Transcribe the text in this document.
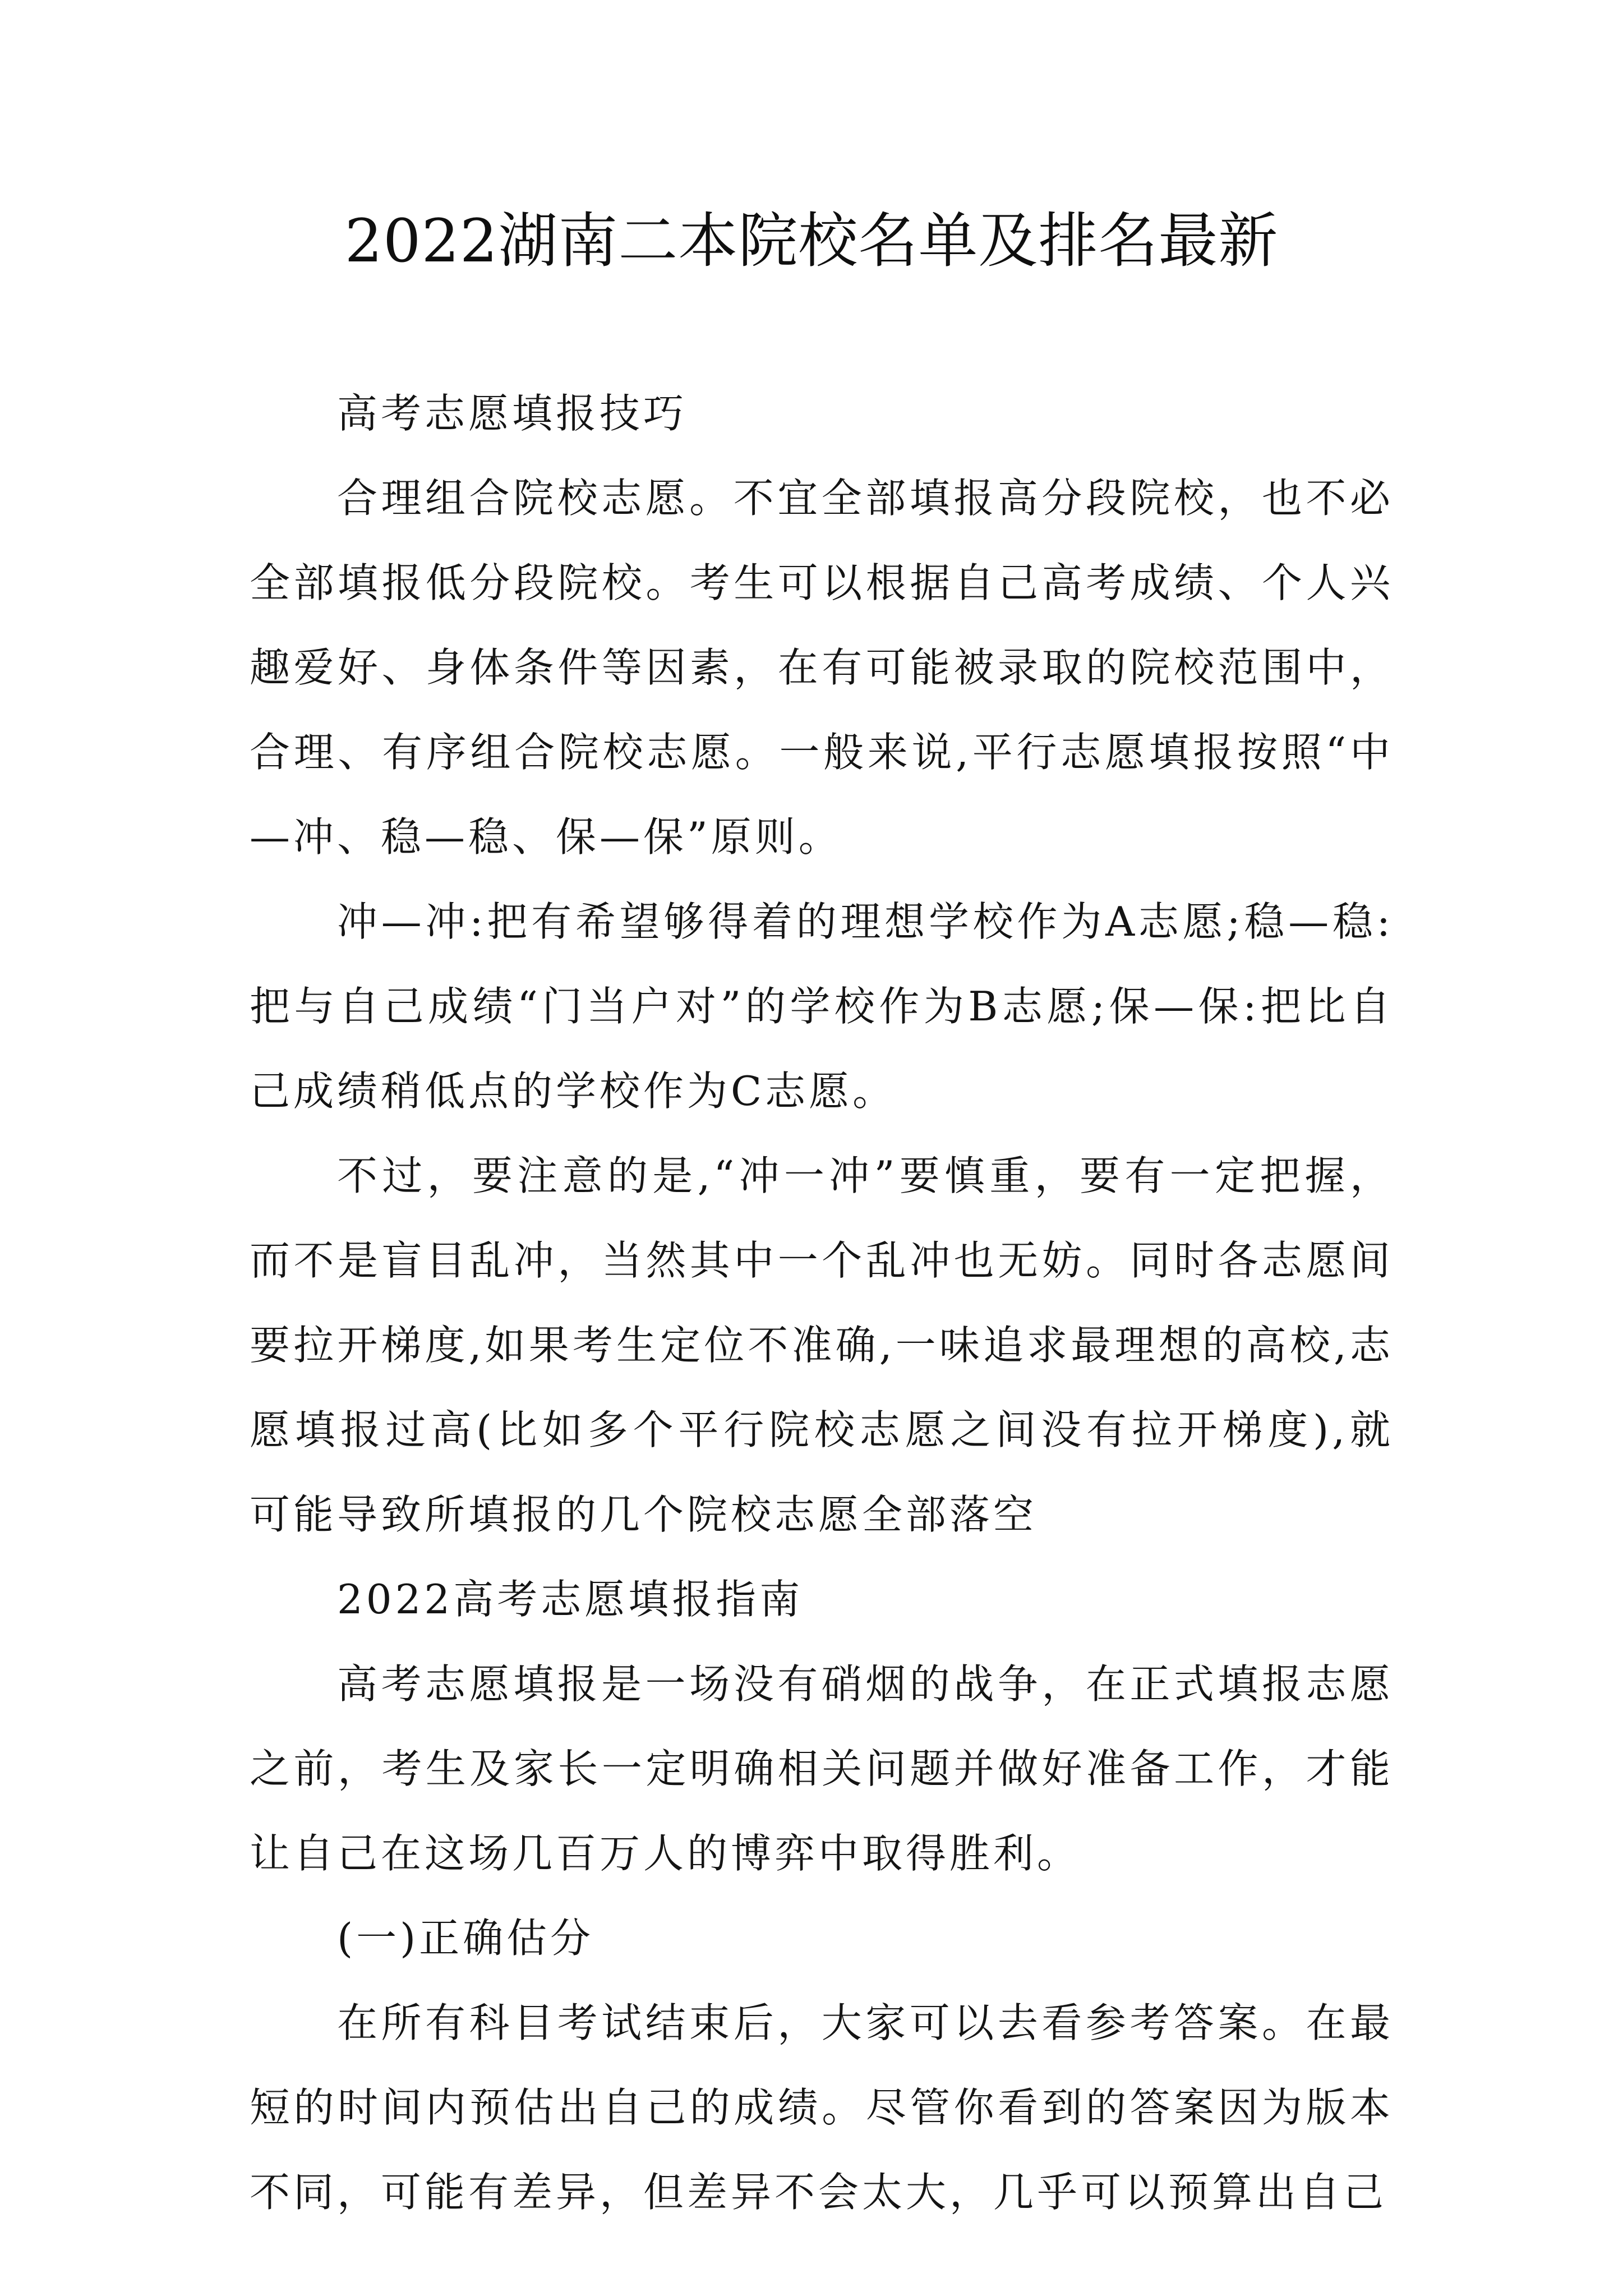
2022湖南二本院校名单及排名最新

高考志愿填报技巧

合理组合院校志愿。不宜全部填报高分段院校，也不必全部填报低分段院校。考生可以根据自己高考成绩、个人兴趣爱好、身体条件等因素，在有可能被录取的院校范围中，合理、有序组合院校志愿。一般来说,平行志愿填报按照“中—冲、稳—稳、保—保”原则。

冲—冲:把有希望够得着的理想学校作为A志愿;稳—稳:把与自己成绩“门当户对”的学校作为B志愿;保—保:把比自己成绩稍低点的学校作为C志愿。

不过，要注意的是,“冲一冲”要慎重，要有一定把握，而不是盲目乱冲，当然其中一个乱冲也无妨。同时各志愿间要拉开梯度,如果考生定位不准确,一味追求最理想的高校,志愿填报过高(比如多个平行院校志愿之间没有拉开梯度),就可能导致所填报的几个院校志愿全部落空

2022高考志愿填报指南

高考志愿填报是一场没有硝烟的战争，在正式填报志愿之前，考生及家长一定明确相关问题并做好准备工作，才能让自己在这场几百万人的博弈中取得胜利。

(一)正确估分

在所有科目考试结束后，大家可以去看参考答案。在最短的时间内预估出自己的成绩。尽管你看到的答案因为版本不同，可能有差异，但差异不会太大，几乎可以预算出自己
